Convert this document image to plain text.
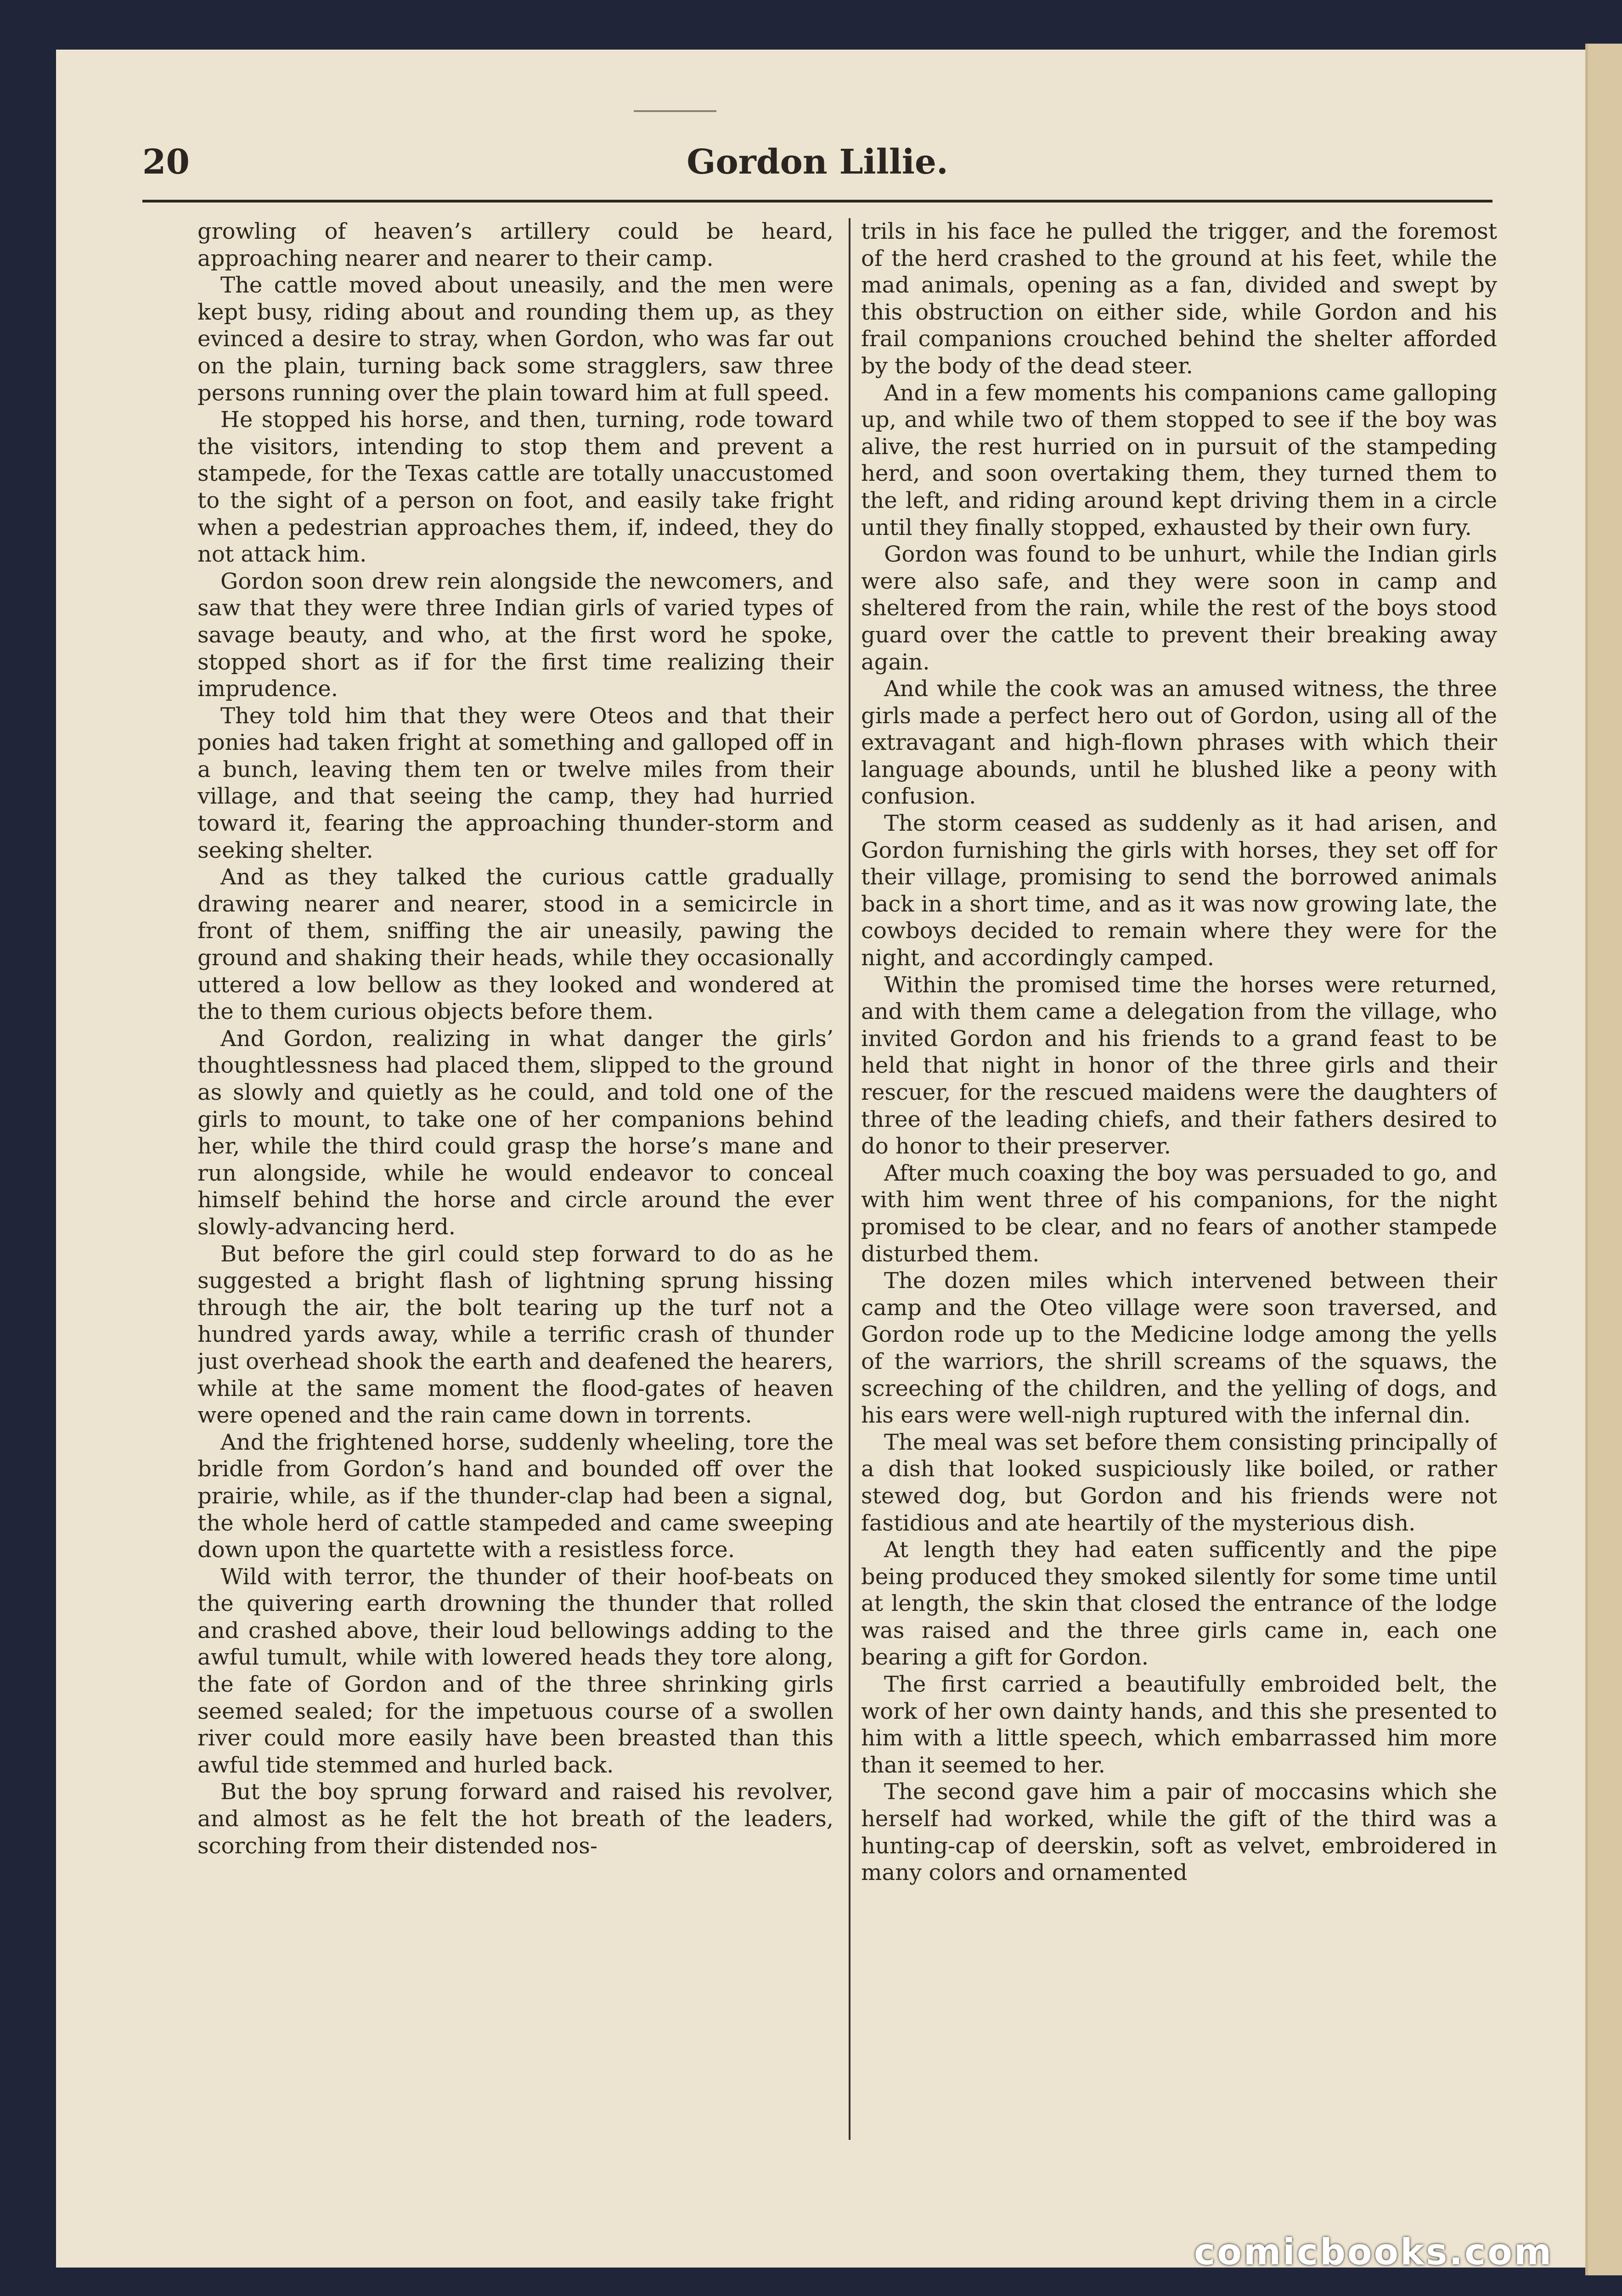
20	Gordon Lillie.

growling of heaven’s artillery could be heard, approaching nearer and nearer to their camp.

The cattle moved about uneasily, and the men were kept busy, riding about and rounding them up, as they evinced a desire to stray, when Gordon, who was far out on the plain, turning back some stragglers, saw three persons running over the plain toward him at full speed.

He stopped his horse, and then, turning, rode toward the visitors, intending to stop them and prevent a stampede, for the Texas cattle are totally unaccustomed to the sight of a person on foot, and easily take fright when a pedestrian approaches them, if, indeed, they do not attack him.

Gordon soon drew rein alongside the newcomers, and saw that they were three Indian girls of varied types of savage beauty, and who, at the first word he spoke, stopped short as if for the first time realizing their imprudence.

They told him that they were Oteos and that their ponies had taken fright at something and galloped off in a bunch, leaving them ten or twelve miles from their village, and that seeing the camp, they had hurried toward it, fearing the approaching thunder-storm and seeking shelter.

And as they talked the curious cattle gradually drawing nearer and nearer, stood in a semicircle in front of them, sniffing the air uneasily, pawing the ground and shaking their heads, while they occasionally uttered a low bellow as they looked and wondered at the to them curious objects before them.

And Gordon, realizing in what danger the girls’ thoughtlessness had placed them, slipped to the ground as slowly and quietly as he could, and told one of the girls to mount, to take one of her companions behind her, while the third could grasp the horse’s mane and run alongside, while he would endeavor to conceal himself behind the horse and circle around the ever slowly-advancing herd.

But before the girl could step forward to do as he suggested a bright flash of lightning sprung hissing through the air, the bolt tearing up the turf not a hundred yards away, while a terrific crash of thunder just overhead shook the earth and deafened the hearers, while at the same moment the flood-gates of heaven were opened and the rain came down in torrents.

And the frightened horse, suddenly wheeling, tore the bridle from Gordon’s hand and bounded off over the prairie, while, as if the thunder-clap had been a signal, the whole herd of cattle stampeded and came sweeping down upon the quartette with a resistless force.

Wild with terror, the thunder of their hoof-beats on the quivering earth drowning the thunder that rolled and crashed above, their loud bellowings adding to the awful tumult, while with lowered heads they tore along, the fate of Gordon and of the three shrinking girls seemed sealed; for the impetuous course of a swollen river could more easily have been breasted than this awful tide stemmed and hurled back.

But the boy sprung forward and raised his revolver, and almost as he felt the hot breath of the leaders, scorching from their distended nos-

trils in his face he pulled the trigger, and the foremost of the herd crashed to the ground at his feet, while the mad animals, opening as a fan, divided and swept by this obstruction on either side, while Gordon and his frail companions crouched behind the shelter afforded by the body of the dead steer.

And in a few moments his companions came galloping up, and while two of them stopped to see if the boy was alive, the rest hurried on in pursuit of the stampeding herd, and soon overtaking them, they turned them to the left, and riding around kept driving them in a circle until they finally stopped, exhausted by their own fury.

Gordon was found to be unhurt, while the Indian girls were also safe, and they were soon in camp and sheltered from the rain, while the rest of the boys stood guard over the cattle to prevent their breaking away again.

And while the cook was an amused witness, the three girls made a perfect hero out of Gordon, using all of the extravagant and high-flown phrases with which their language abounds, until he blushed like a peony with confusion.

The storm ceased as suddenly as it had arisen, and Gordon furnishing the girls with horses, they set off for their village, promising to send the borrowed animals back in a short time, and as it was now growing late, the cowboys decided to remain where they were for the night, and accordingly camped.

Within the promised time the horses were returned, and with them came a delegation from the village, who invited Gordon and his friends to a grand feast to be held that night in honor of the three girls and their rescuer, for the rescued maidens were the daughters of three of the leading chiefs, and their fathers desired to do honor to their preserver.

After much coaxing the boy was persuaded to go, and with him went three of his companions, for the night promised to be clear, and no fears of another stampede disturbed them.

The dozen miles which intervened between their camp and the Oteo village were soon traversed, and Gordon rode up to the Medicine lodge among the yells of the warriors, the shrill screams of the squaws, the screeching of the children, and the yelling of dogs, and his ears were well-nigh ruptured with the infernal din.

The meal was set before them consisting principally of a dish that looked suspiciously like boiled, or rather stewed dog, but Gordon and his friends were not fastidious and ate heartily of the mysterious dish.

At length they had eaten sufficently and the pipe being produced they smoked silently for some time until at length, the skin that closed the entrance of the lodge was raised and the three girls came in, each one bearing a gift for Gordon.

The first carried a beautifully embroided belt, the work of her own dainty hands, and this she presented to him with a little speech, which embarrassed him more than it seemed to her.

The second gave him a pair of moccasins which she herself had worked, while the gift of the third was a hunting-cap of deerskin, soft as velvet, embroidered in many colors and ornamented

comicbooks.com
